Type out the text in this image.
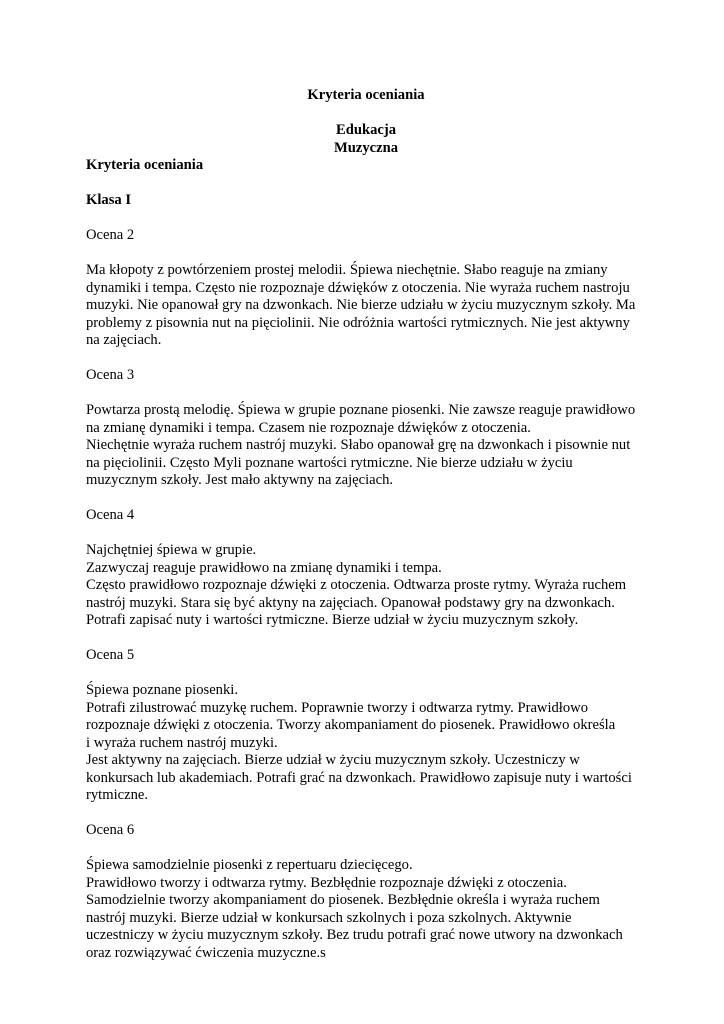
Kryteria oceniania

Edukacja
Muzyczna

Kryteria oceniania

Klasa I

Ocena 2

Ma kłopoty z powtórzeniem prostej melodii. Śpiewa niechętnie. Słabo reaguje na zmiany
dynamiki i tempa. Często nie rozpoznaje dźwięków z otoczenia. Nie wyraża ruchem nastroju
muzyki. Nie opanował gry na dzwonkach. Nie bierze udziału w życiu muzycznym szkoły. Ma
problemy z pisownia nut na pięciolinii. Nie odróżnia wartości rytmicznych. Nie jest aktywny
na zajęciach.

Ocena 3

Powtarza prostą melodię. Śpiewa w grupie poznane piosenki. Nie zawsze reaguje prawidłowo
na zmianę dynamiki i tempa. Czasem nie rozpoznaje dźwięków z otoczenia.
Niechętnie wyraża ruchem nastrój muzyki. Słabo opanował grę na dzwonkach i pisownie nut
na pięciolinii. Często Myli poznane wartości rytmiczne. Nie bierze udziału w życiu
muzycznym szkoły. Jest mało aktywny na zajęciach.

Ocena 4

Najchętniej śpiewa w grupie.
Zazwyczaj reaguje prawidłowo na zmianę dynamiki i tempa.
Często prawidłowo rozpoznaje dźwięki z otoczenia. Odtwarza proste rytmy. Wyraża ruchem
nastrój muzyki. Stara się być aktyny na zajęciach. Opanował podstawy gry na dzwonkach.
Potrafi zapisać nuty i wartości rytmiczne. Bierze udział w życiu muzycznym szkoły.

Ocena 5

Śpiewa poznane piosenki.
Potrafi zilustrować muzykę ruchem. Poprawnie tworzy i odtwarza rytmy. Prawidłowo
rozpoznaje dźwięki z otoczenia. Tworzy akompaniament do piosenek. Prawidłowo określa
i wyraża ruchem nastrój muzyki.
Jest aktywny na zajęciach. Bierze udział w życiu muzycznym szkoły. Uczestniczy w
konkursach lub akademiach. Potrafi grać na dzwonkach. Prawidłowo zapisuje nuty i wartości
rytmiczne.

Ocena 6

Śpiewa samodzielnie piosenki z repertuaru dziecięcego.
Prawidłowo tworzy i odtwarza rytmy. Bezbłędnie rozpoznaje dźwięki z otoczenia.
Samodzielnie tworzy akompaniament do piosenek. Bezbłędnie określa i wyraża ruchem
nastrój muzyki. Bierze udział w konkursach szkolnych i poza szkolnych. Aktywnie
uczestniczy w życiu muzycznym szkoły. Bez trudu potrafi grać nowe utwory na dzwonkach
oraz rozwiązywać ćwiczenia muzyczne.s
